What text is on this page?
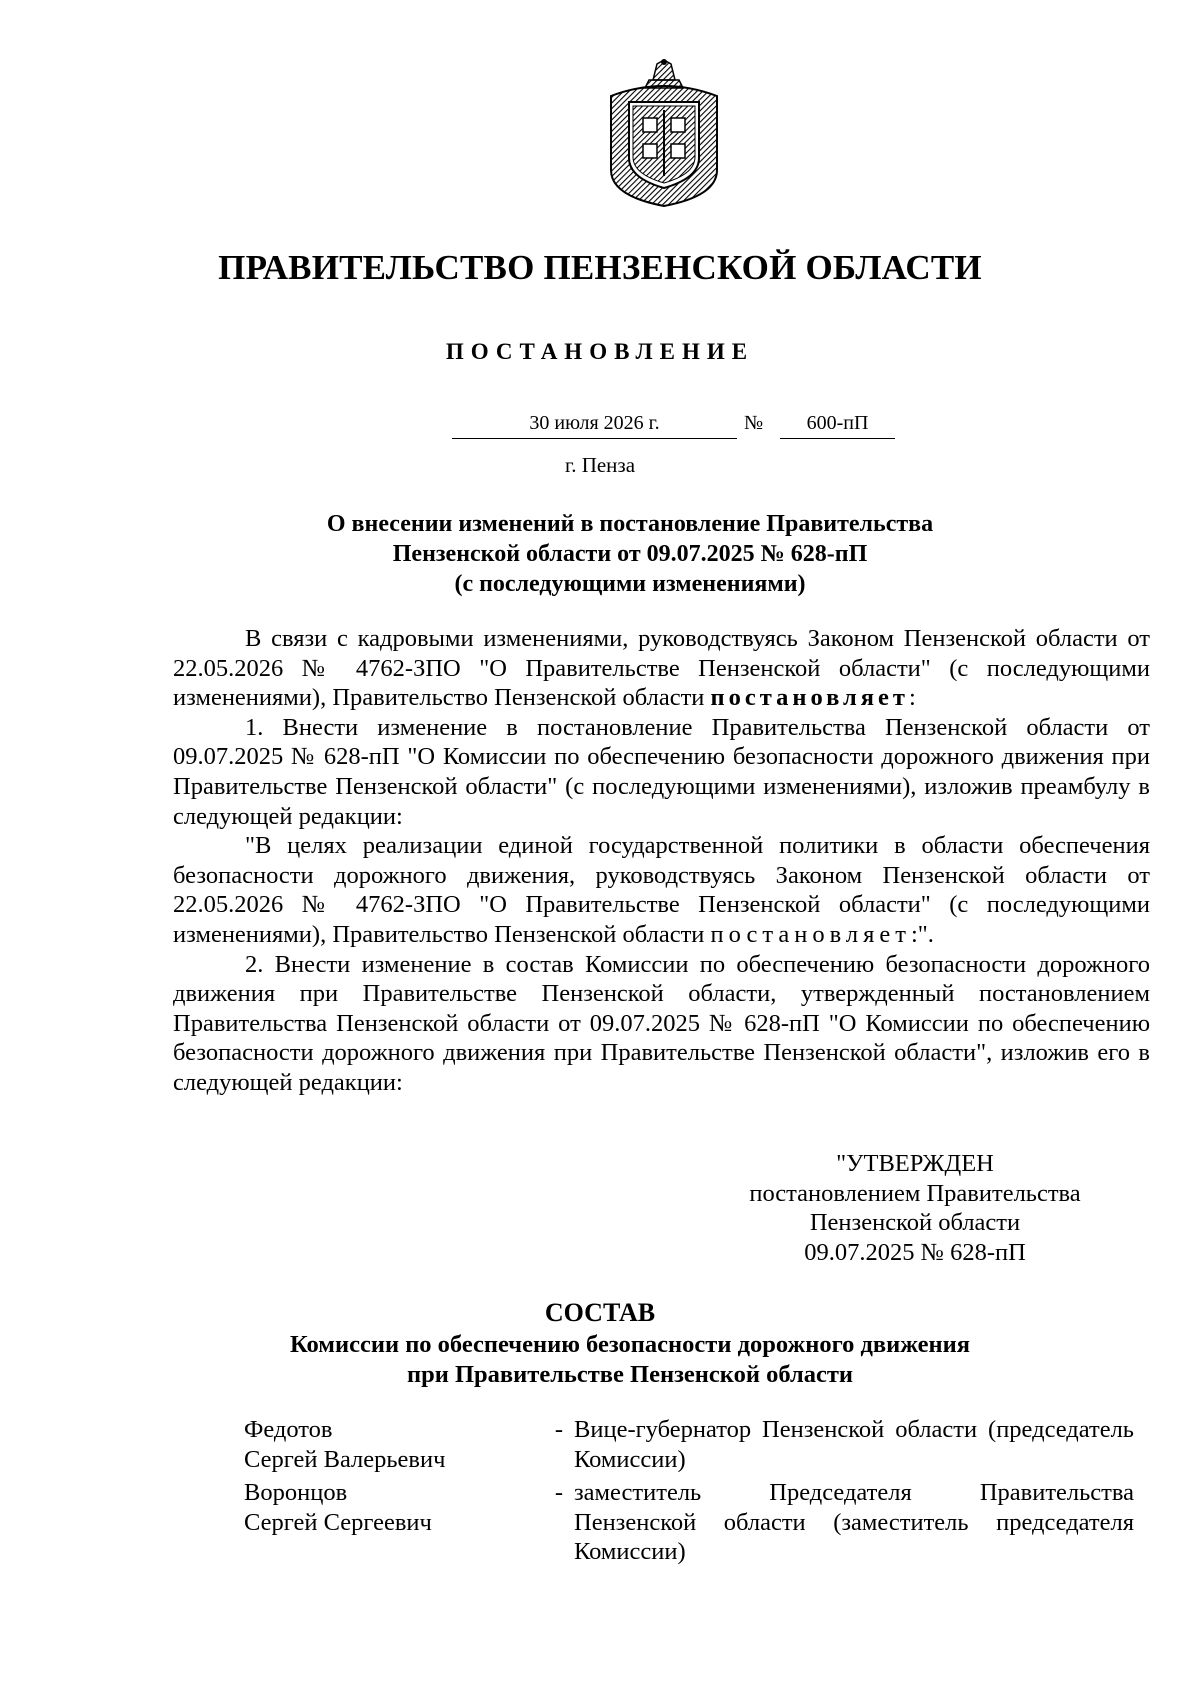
ПРАВИТЕЛЬСТВО ПЕНЗЕНСКОЙ ОБЛАСТИ
ПОСТАНОВЛЕНИЕ
30 июля 2026 г.	№	600-пП
г. Пенза
О внесении изменений в постановление Правительства
Пензенской области от 09.07.2025 № 628-пП
(с последующими изменениями)

В связи с кадровыми изменениями, руководствуясь Законом Пензенской области от 22.05.2026 № 4762-ЗПО "О Правительстве Пензенской области" (с последующими изменениями), Правительство Пензенской области постановляет:

1. Внести изменение в постановление Правительства Пензенской области от 09.07.2025 № 628-пП "О Комиссии по обеспечению безопасности дорожного движения при Правительстве Пензенской области" (с последующими изменениями), изложив преамбулу в следующей редакции:

"В целях реализации единой государственной политики в области обеспечения безопасности дорожного движения, руководствуясь Законом Пензенской области от 22.05.2026 № 4762-ЗПО "О Правительстве Пензенской области" (с последующими изменениями), Правительство Пензенской области постановляет:".

2. Внести изменение в состав Комиссии по обеспечению безопасности дорожного движения при Правительстве Пензенской области, утвержденный постановлением Правительства Пензенской области от 09.07.2025 № 628-пП "О Комиссии по обеспечению безопасности дорожного движения при Правительстве Пензенской области", изложив его в следующей редакции:

"УТВЕРЖДЕН
постановлением Правительства
Пензенской области
09.07.2025 № 628-пП
СОСТАВ
Комиссии по обеспечению безопасности дорожного движения
при Правительстве Пензенской области
Федотов
Сергей Валерьевич
- Вице-губернатор Пензенской области (председатель Комиссии)
Воронцов
Сергей Сергеевич
- заместитель Председателя Правительства Пензенской области (заместитель председателя Комиссии)
